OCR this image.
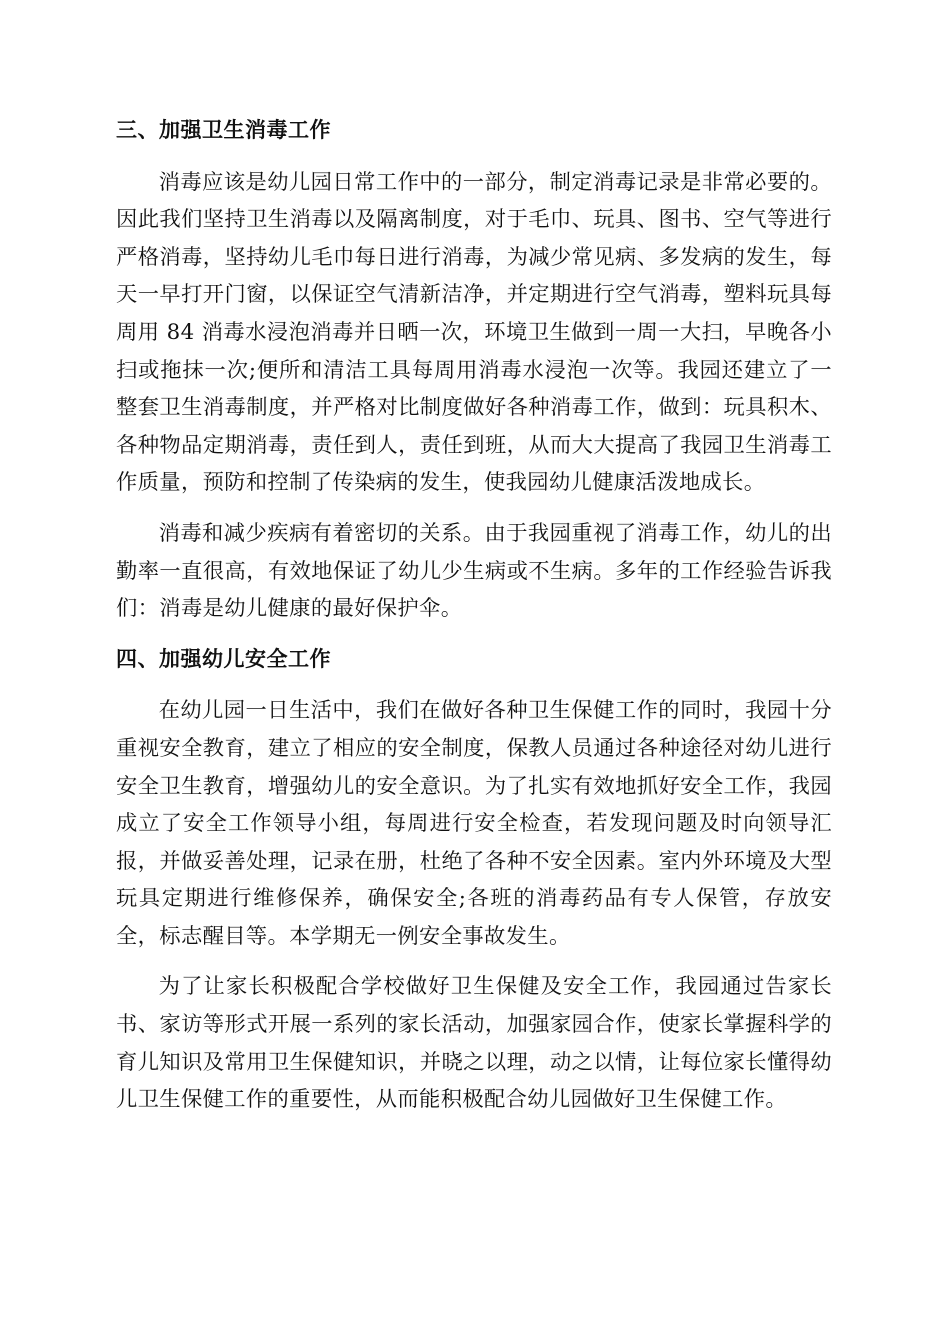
三、加强卫生消毒工作

消毒应该是幼儿园日常工作中的一部分，制定消毒记录是非常必要的。因此我们坚持卫生消毒以及隔离制度，对于毛巾、玩具、图书、空气等进行严格消毒，坚持幼儿毛巾每日进行消毒，为减少常见病、多发病的发生，每天一早打开门窗，以保证空气清新洁净，并定期进行空气消毒，塑料玩具每周用 84 消毒水浸泡消毒并日晒一次，环境卫生做到一周一大扫，早晚各小扫或拖抹一次;便所和清洁工具每周用消毒水浸泡一次等。我园还建立了一整套卫生消毒制度，并严格对比制度做好各种消毒工作，做到：玩具积木、各种物品定期消毒，责任到人，责任到班，从而大大提高了我园卫生消毒工作质量，预防和控制了传染病的发生，使我园幼儿健康活泼地成长。

消毒和减少疾病有着密切的关系。由于我园重视了消毒工作，幼儿的出勤率一直很高，有效地保证了幼儿少生病或不生病。多年的工作经验告诉我们：消毒是幼儿健康的最好保护伞。

四、加强幼儿安全工作

在幼儿园一日生活中，我们在做好各种卫生保健工作的同时，我园十分重视安全教育，建立了相应的安全制度，保教人员通过各种途径对幼儿进行安全卫生教育，增强幼儿的安全意识。为了扎实有效地抓好安全工作，我园成立了安全工作领导小组，每周进行安全检查，若发现问题及时向领导汇报，并做妥善处理，记录在册，杜绝了各种不安全因素。室内外环境及大型玩具定期进行维修保养，确保安全;各班的消毒药品有专人保管，存放安全，标志醒目等。本学期无一例安全事故发生。

为了让家长积极配合学校做好卫生保健及安全工作，我园通过告家长书、家访等形式开展一系列的家长活动，加强家园合作，使家长掌握科学的育儿知识及常用卫生保健知识，并晓之以理，动之以情，让每位家长懂得幼儿卫生保健工作的重要性，从而能积极配合幼儿园做好卫生保健工作。
